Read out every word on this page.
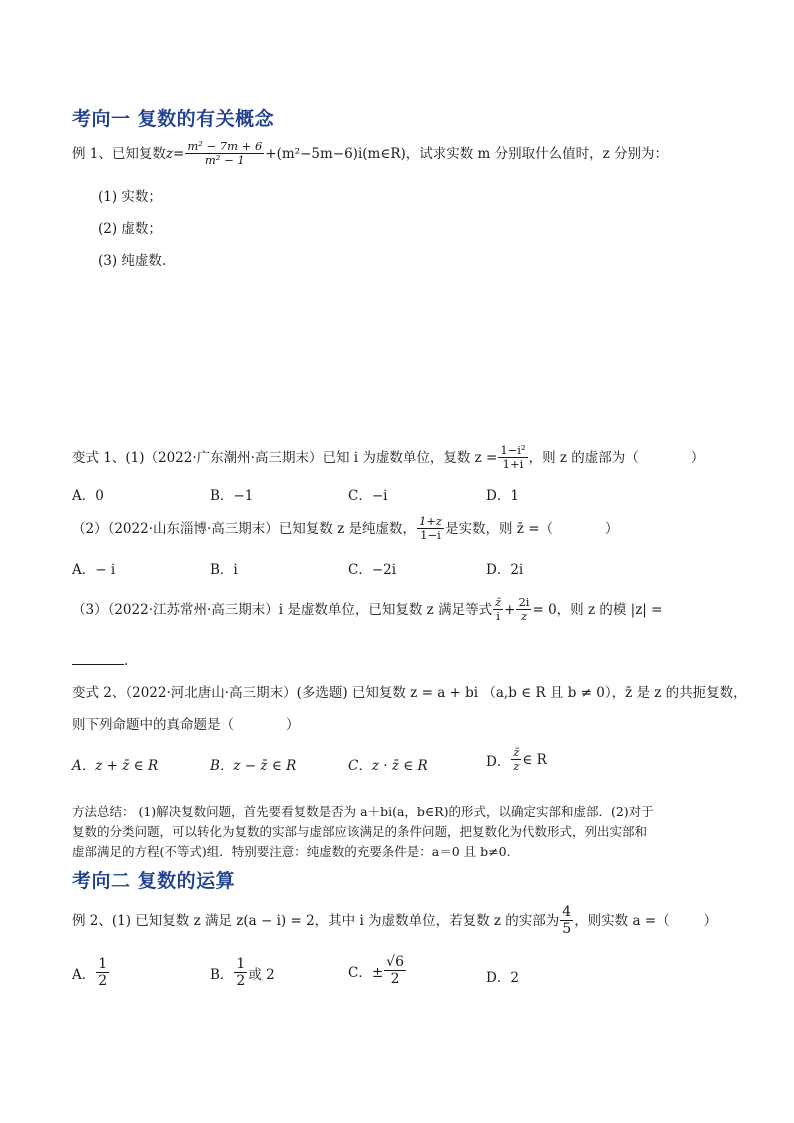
考向一 复数的有关概念
例 1、已知复数 $z= \frac{\text{m² − 7m + 6}}{\text{m² − 1}}$ +(m²−5m−6)i(m∈R)，试求实数 m 分别取什么值时，z 分别为：
(1) 实数；
(2) 虚数；
(3) 纯虚数.
变式 1、(1)（2022·广东潮州·高三期末）已知 i 为虚数单位，复数 $z = \frac{\text{1−i²}}{1+i}$ ，则 z 的虚部为（	）
A．0	B．−1	C．−i	D．1
（2）（2022·山东淄博·高三期末）已知复数 z 是纯虚数， $\frac{1+z}{1-i}$ 是实数，则 z̄ =（	）
A．− i	B．i	C．−2i	D．2i
（3）（2022·江苏常州·高三期末）i 是虚数单位，已知复数 z 满足等式 $\frac{z̄}{i} + \frac{2i}{z} = 0$，则 z 的模 |z| =
.
变式 2、（2022·河北唐山·高三期末）(多选题) 已知复数 z = a + bi （a,b ∈ R 且 b ≠ 0），z̄ 是 z 的共扼复数，
则下列命题中的真命题是（	）
A．z + z̄ ∈ R	B．z − z̄ ∈ R	C．z · z̄ ∈ R	D． $\frac{z̄}{z}$ ∈ R
方法总结： (1)解决复数问题，首先要看复数是否为 a＋bi(a，b∈R)的形式，以确定实部和虚部．(2)对于
复数的分类问题，可以转化为复数的实部与虚部应该满足的条件问题，把复数化为代数形式，列出实部和
虚部满足的方程(不等式)组．特别要注意：纯虚数的充要条件是：a＝0 且 b≠0.
考向二 复数的运算
例 2、(1) 已知复数 z 满足 z(a − i) = 2，其中 i 为虚数单位，若复数 z 的实部为 $\frac{4}{5}$ ，则实数 a =（	）
A． $\frac{1}{2}$	B． $\frac{1}{2}$ 或 2	C．± $\frac{√6}{2}$	D．2
